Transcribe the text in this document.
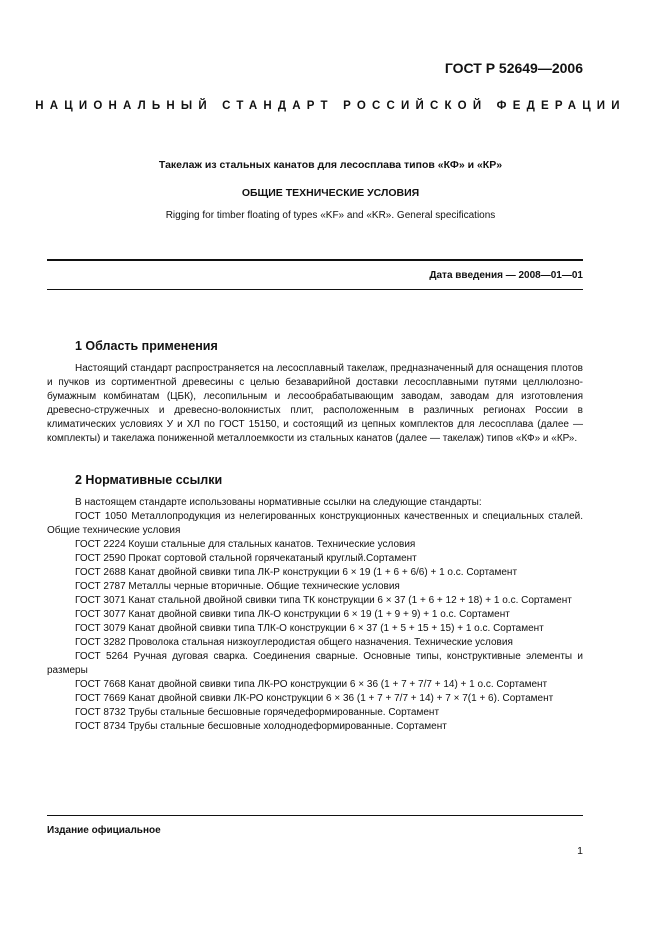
ГОСТ Р 52649—2006
НАЦИОНАЛЬНЫЙ СТАНДАРТ РОССИЙСКОЙ ФЕДЕРАЦИИ
Такелаж из стальных канатов для лесосплава типов «КФ» и «КР»
ОБЩИЕ ТЕХНИЧЕСКИЕ УСЛОВИЯ
Rigging for timber floating of types «KF» and «KR». General specifications
Дата введения — 2008—01—01
1 Область применения
Настоящий стандарт распространяется на лесосплавный такелаж, предназначенный для оснащения плотов и пучков из сортиментной древесины с целью безаварийной доставки лесосплавными путями целлюлозно-бумажным комбинатам (ЦБК), лесопильным и лесообрабатывающим заводам, заводам для изготовления древесно-стружечных и древесно-волокнистых плит, расположенным в различных регионах России в климатических условиях У и ХЛ по ГОСТ 15150, и состоящий из цепных комплектов для лесосплава (далее — комплекты) и такелажа пониженной металлоемкости из стальных канатов (далее — такелаж) типов «КФ» и «КР».
2 Нормативные ссылки
В настоящем стандарте использованы нормативные ссылки на следующие стандарты:
ГОСТ 1050 Металлопродукция из нелегированных конструкционных качественных и специальных сталей. Общие технические условия
ГОСТ 2224 Коуши стальные для стальных канатов. Технические условия
ГОСТ 2590 Прокат сортовой стальной горячекатаный круглый.Сортамент
ГОСТ 2688 Канат двойной свивки типа ЛК-Р конструкции 6 × 19 (1 + 6 + 6/6) + 1 о.с. Сортамент
ГОСТ 2787 Металлы черные вторичные. Общие технические условия
ГОСТ 3071 Канат стальной двойной свивки типа ТК конструкции 6 × 37 (1 + 6 + 12 + 18) + 1 о.с. Сортамент
ГОСТ 3077 Канат двойной свивки типа ЛК-О конструкции 6 × 19 (1 + 9 + 9) + 1 о.с. Сортамент
ГОСТ 3079 Канат двойной свивки типа ТЛК-О конструкции 6 × 37 (1 + 5 + 15 + 15) + 1 о.с. Сортамент
ГОСТ 3282 Проволока стальная низкоуглеродистая общего назначения. Технические условия
ГОСТ 5264 Ручная дуговая сварка. Соединения сварные. Основные типы, конструктивные элементы и размеры
ГОСТ 7668 Канат двойной свивки типа ЛК-РО конструкции 6 × 36 (1 + 7 + 7/7 + 14) + 1 о.с. Сортамент
ГОСТ 7669 Канат двойной свивки ЛК-РО конструкции 6 × 36 (1 + 7 + 7/7 + 14) + 7 × 7(1 + 6). Сортамент
ГОСТ 8732 Трубы стальные бесшовные горячедеформированные. Сортамент
ГОСТ 8734 Трубы стальные бесшовные холоднодеформированные. Сортамент
Издание официальное
1
